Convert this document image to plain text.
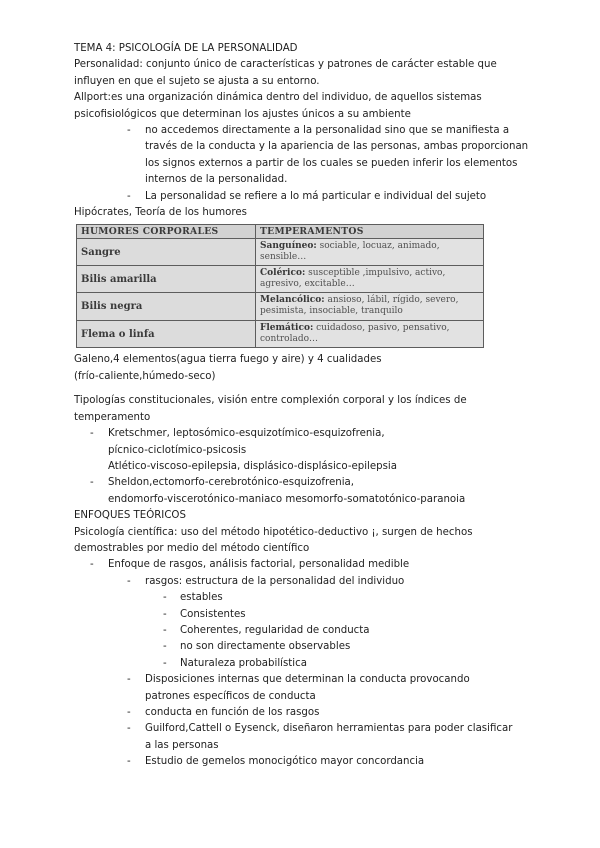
TEMA 4: PSICOLOGÍA DE LA PERSONALIDAD
Personalidad: conjunto único de características y patrones de carácter estable que
influyen en que el sujeto se ajusta a su entorno.
Allport:es una organización dinámica dentro del individuo, de aquellos sistemas
psicofisiológicos que determinan los ajustes únicos a su ambiente
- no accedemos directamente a la personalidad sino que se manifiesta a través de la conducta y la apariencia de las personas, ambas proporcionan los signos externos a partir de los cuales se pueden inferir los elementos internos de la personalidad.
- La personalidad se refiere a lo má particular e individual del sujeto
Hipócrates, Teoría de los humores
HUMORES CORPORALES	TEMPERAMENTOS
Sangre	Sanguíneo: sociable, locuaz, animado, sensible…
Bilis amarilla	Colérico: susceptible ,impulsivo, activo, agresivo, excitable…
Bilis negra	Melancólico: ansioso, lábil, rígido, severo, pesimista, insociable, tranquilo
Flema o linfa	Flemático: cuidadoso, pasivo, pensativo, controlado…
Galeno,4 elementos(agua tierra fuego y aire) y 4 cualidades
(frío-caliente,húmedo-seco)
Tipologías constitucionales, visión entre complexión corporal y los índices de
temperamento
- Kretschmer, leptosómico-esquizotímico-esquizofrenia,
pícnico-ciclotímico-psicosis
Atlético-viscoso-epilepsia, displásico-displásico-epilepsia
- Sheldon,ectomorfo-cerebrotónico-esquizofrenia,
endomorfo-viscerotónico-maniaco mesomorfo-somatotónico-paranoia
ENFOQUES TEÓRICOS
Psicología científica: uso del método hipotético-deductivo ¡, surgen de hechos
demostrables por medio del método científico
- Enfoque de rasgos, análisis factorial, personalidad medible
- rasgos: estructura de la personalidad del individuo
- estables
- Consistentes
- Coherentes, regularidad de conducta
- no son directamente observables
- Naturaleza probabilística
- Disposiciones internas que determinan la conducta provocando
patrones específicos de conducta
- conducta en función de los rasgos
- Guilford,Cattell o Eysenck, diseñaron herramientas para poder clasificar
a las personas
- Estudio de gemelos monocigótico mayor concordancia
